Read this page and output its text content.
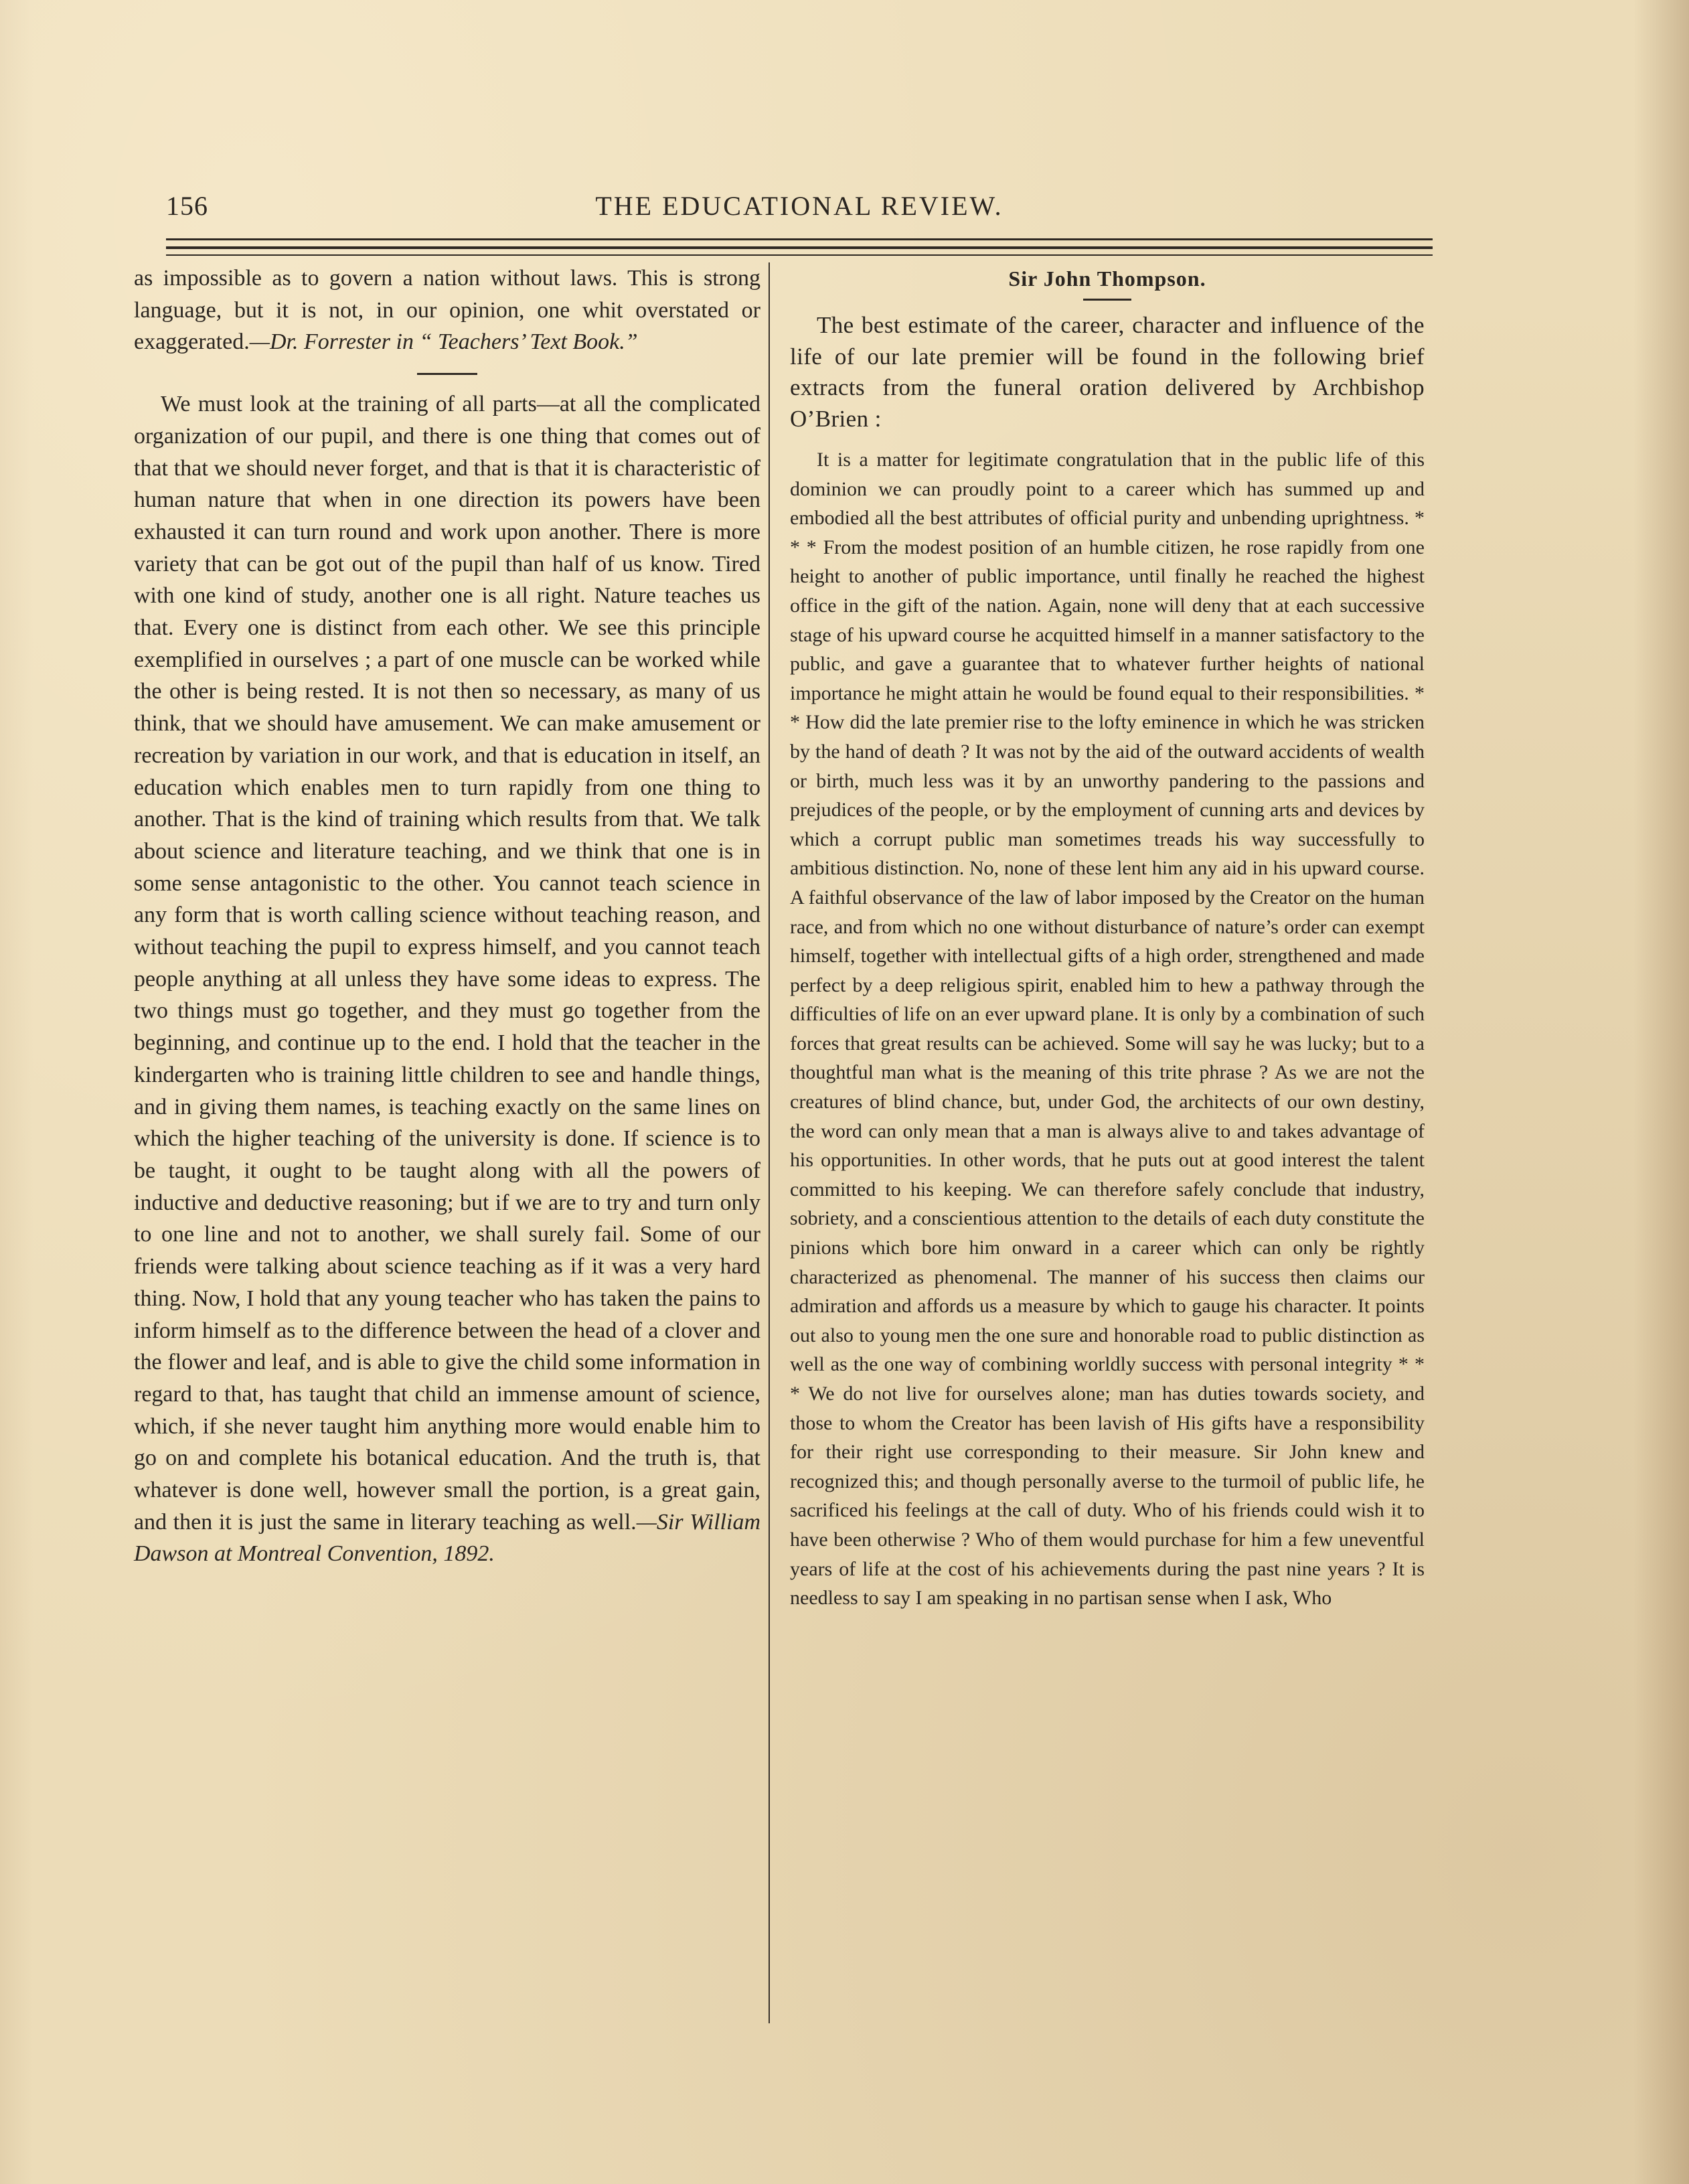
156	THE EDUCATIONAL REVIEW.

as impossible as to govern a nation without laws. This is strong language, but it is not, in our opinion, one whit overstated or exaggerated.—Dr. Forrester in “ Teachers’ Text Book.”

We must look at the training of all parts—at all the complicated organization of our pupil, and there is one thing that comes out of that that we should never forget, and that is that it is characteristic of human nature that when in one direction its powers have been exhausted it can turn round and work upon another. There is more variety that can be got out of the pupil than half of us know. Tired with one kind of study, another one is all right. Nature teaches us that. Every one is distinct from each other. We see this principle exemplified in ourselves ; a part of one muscle can be worked while the other is being rested. It is not then so necessary, as many of us think, that we should have amusement. We can make amusement or recreation by variation in our work, and that is education in itself, an education which enables men to turn rapidly from one thing to another. That is the kind of training which results from that. We talk about science and literature teaching, and we think that one is in some sense antagonistic to the other. You cannot teach science in any form that is worth calling science without teaching reason, and without teaching the pupil to express himself, and you cannot teach people anything at all unless they have some ideas to express. The two things must go together, and they must go together from the beginning, and continue up to the end. I hold that the teacher in the kindergarten who is training little children to see and handle things, and in giving them names, is teaching exactly on the same lines on which the higher teaching of the university is done. If science is to be taught, it ought to be taught along with all the powers of inductive and deductive reasoning; but if we are to try and turn only to one line and not to another, we shall surely fail. Some of our friends were talking about science teaching as if it was a very hard thing. Now, I hold that any young teacher who has taken the pains to inform himself as to the difference between the head of a clover and the flower and leaf, and is able to give the child some information in regard to that, has taught that child an immense amount of science, which, if she never taught him anything more would enable him to go on and complete his botanical education. And the truth is, that whatever is done well, however small the portion, is a great gain, and then it is just the same in literary teaching as well.—Sir William Dawson at Montreal Convention, 1892.

Sir John Thompson.

The best estimate of the career, character and influence of the life of our late premier will be found in the following brief extracts from the funeral oration delivered by Archbishop O’Brien :

It is a matter for legitimate congratulation that in the public life of this dominion we can proudly point to a career which has summed up and embodied all the best attributes of official purity and unbending uprightness. * * * From the modest position of an humble citizen, he rose rapidly from one height to another of public importance, until finally he reached the highest office in the gift of the nation. Again, none will deny that at each successive stage of his upward course he acquitted himself in a manner satisfactory to the public, and gave a guarantee that to whatever further heights of national importance he might attain he would be found equal to their responsibilities. * * How did the late premier rise to the lofty eminence in which he was stricken by the hand of death ? It was not by the aid of the outward accidents of wealth or birth, much less was it by an unworthy pandering to the passions and prejudices of the people, or by the employment of cunning arts and devices by which a corrupt public man sometimes treads his way successfully to ambitious distinction. No, none of these lent him any aid in his upward course. A faithful observance of the law of labor imposed by the Creator on the human race, and from which no one without disturbance of nature’s order can exempt himself, together with intellectual gifts of a high order, strengthened and made perfect by a deep religious spirit, enabled him to hew a pathway through the difficulties of life on an ever upward plane. It is only by a combination of such forces that great results can be achieved. Some will say he was lucky; but to a thoughtful man what is the meaning of this trite phrase ? As we are not the creatures of blind chance, but, under God, the architects of our own destiny, the word can only mean that a man is always alive to and takes advantage of his opportunities. In other words, that he puts out at good interest the talent committed to his keeping. We can therefore safely conclude that industry, sobriety, and a conscientious attention to the details of each duty constitute the pinions which bore him onward in a career which can only be rightly characterized as phenomenal. The manner of his success then claims our admiration and affords us a measure by which to gauge his character. It points out also to young men the one sure and honorable road to public distinction as well as the one way of combining worldly success with personal integrity * * * We do not live for ourselves alone; man has duties towards society, and those to whom the Creator has been lavish of His gifts have a responsibility for their right use corresponding to their measure. Sir John knew and recognized this; and though personally averse to the turmoil of public life, he sacrificed his feelings at the call of duty. Who of his friends could wish it to have been otherwise ? Who of them would purchase for him a few uneventful years of life at the cost of his achievements during the past nine years ? It is needless to say I am speaking in no partisan sense when I ask, Who
